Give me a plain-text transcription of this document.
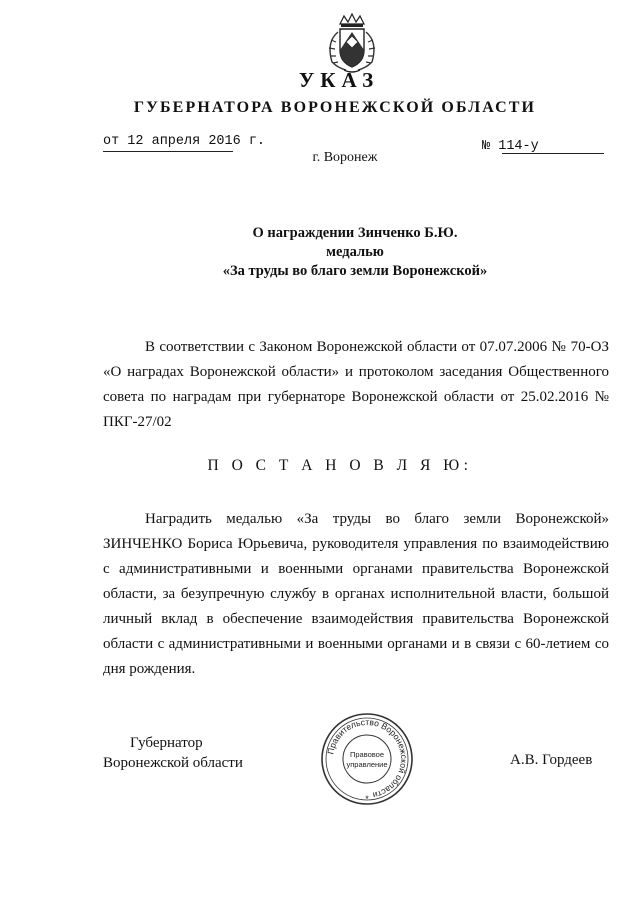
УКАЗ
ГУБЕРНАТОРА ВОРОНЕЖСКОЙ ОБЛАСТИ
от 12 апреля 2016 г.	№ 114-у
г. Воронеж
О награждении Зинченко Б.Ю.
медалью
«За труды во благо земли Воронежской»

В соответствии с Законом Воронежской области от 07.07.2006 № 70-ОЗ «О наградах Воронежской области» и протоколом заседания Общественного совета по наградам при губернаторе Воронежской области от 25.02.2016 № ПКГ-27/02

П О С Т А Н О В Л Я Ю:

Наградить медалью «За труды во благо земли Воронежской» ЗИНЧЕНКО Бориса Юрьевича, руководителя управления по взаимодействию с административными и военными органами правительства Воронежской области, за безупречную службу в органах исполнительной власти, большой личный вклад в обеспечение взаимодействия правительства Воронежской области с административными и военными органами и в связи с 60-летием со дня рождения.

Губернатор
Воронежской области
Правительство Воронежской области
Правовое
управление
*
А.В. Гордеев
